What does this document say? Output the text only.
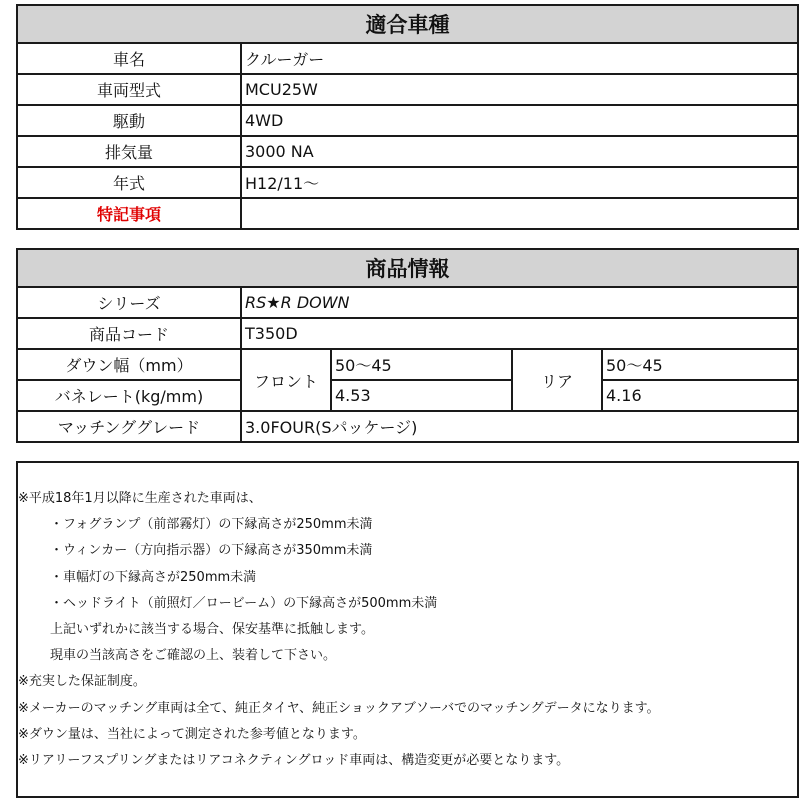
適合車種	
車名	クルーガー
車両型式	MCU25W
駆動	4WD
排気量	3000 NA
年式	H12/11～
特記事項	
商品情報				
シリーズ	RS★R DOWN			
商品コード	T350D			
ダウン幅（mm）	フロント	50～45	リア	50～45
バネレート(kg/mm)		4.53		4.16
マッチンググレード	3.0FOUR(Sパッケージ)			
※平成18年1月以降に生産された車両は、
・フォグランプ（前部霧灯）の下縁高さが250mm未満
・ウィンカー（方向指示器）の下縁高さが350mm未満
・車幅灯の下縁高さが250mm未満
・ヘッドライト（前照灯／ロービーム）の下縁高さが500mm未満
上記いずれかに該当する場合、保安基準に抵触します。
現車の当該高さをご確認の上、装着して下さい。
※充実した保証制度。
※メーカーのマッチング車両は全て、純正タイヤ、純正ショックアブソーバでのマッチングデータになります。
※ダウン量は、当社によって測定された参考値となります。
※リアリーフスプリングまたはリアコネクティングロッド車両は、構造変更が必要となります。
